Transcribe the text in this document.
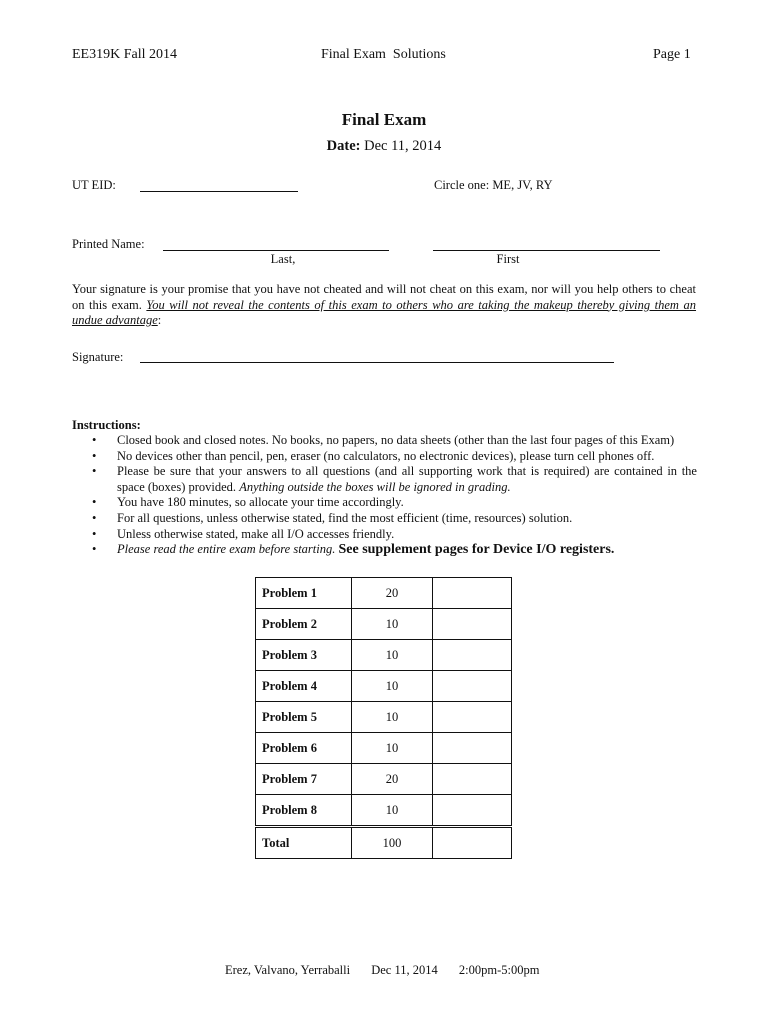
EE319K Fall 2014	Final Exam  Solutions	Page 1
Final Exam
Date: Dec 11, 2014
UT EID:	Circle one: ME, JV, RY
Printed Name:
Last,	First
Your signature is your promise that you have not cheated and will not cheat on this exam, nor will you help others to cheat on this exam. You will not reveal the contents of this exam to others who are taking the makeup thereby giving them an undue advantage:
Signature:
Instructions:
• Closed book and closed notes. No books, no papers, no data sheets (other than the last four pages of this Exam)
• No devices other than pencil, pen, eraser (no calculators, no electronic devices), please turn cell phones off.
• Please be sure that your answers to all questions (and all supporting work that is required) are contained in the space (boxes) provided. Anything outside the boxes will be ignored in grading.
• You have 180 minutes, so allocate your time accordingly.
• For all questions, unless otherwise stated, find the most efficient (time, resources) solution.
• Unless otherwise stated, make all I/O accesses friendly.
• Please read the entire exam before starting. See supplement pages for Device I/O registers.
Problem 1	20	
Problem 2	10	
Problem 3	10	
Problem 4	10	
Problem 5	10	
Problem 6	10	
Problem 7	20	
Problem 8	10	
Total	100	
Erez, Valvano, Yerraballi Dec 11, 2014 2:00pm-5:00pm
